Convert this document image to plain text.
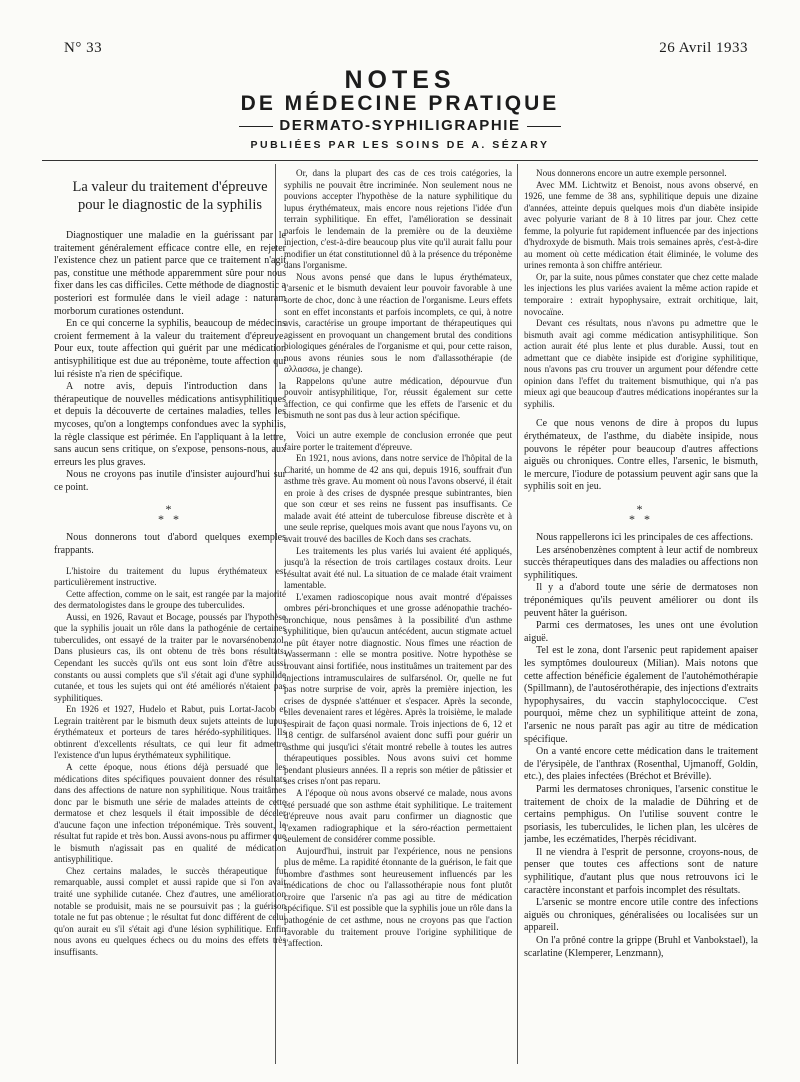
N° 33	26 Avril 1933
NOTES
DE MÉDECINE PRATIQUE
DERMATO-SYPHILIGRAPHIE
PUBLIÉES PAR LES SOINS DE A. SÉZARY
La valeur du traitement d'épreuve
pour le diagnostic de la syphilis

Diagnostiquer une maladie en la guérissant par le traitement généralement efficace contre elle, en rejeter l'existence chez un patient parce que ce traitement n'agit pas, constitue une méthode apparemment sûre pour nous fixer dans les cas difficiles. Cette méthode de diagnostic a posteriori est formulée dans le vieil adage : naturam morborum curationes ostendunt.

En ce qui concerne la syphilis, beaucoup de médecins croient fermement à la valeur du traitement d'épreuve. Pour eux, toute affection qui guérit par une médication antisyphilitique est due au tréponème, toute affection qui lui résiste n'a rien de spécifique.

A notre avis, depuis l'introduction dans la thérapeutique de nouvelles médications antisyphilitiques et depuis la découverte de certaines maladies, telles les mycoses, qu'on a longtemps confondues avec la syphilis, la règle classique est périmée. En l'appliquant à la lettre, sans aucun sens critique, on s'expose, pensons-nous, aux erreurs les plus graves.

Nous ne croyons pas inutile d'insister aujourd'hui sur ce point.

*
* *

Nous donnerons tout d'abord quelques exemples frappants.

L'histoire du traitement du lupus érythémateux est particulièrement instructive.

Cette affection, comme on le sait, est rangée par la majorité des dermatologistes dans le groupe des tuberculides.

Aussi, en 1926, Ravaut et Bocage, poussés par l'hypothèse que la syphilis jouait un rôle dans la pathogénie de certaines tuberculides, ont essayé de la traiter par le novarsénobenzol. Dans plusieurs cas, ils ont obtenu de très bons résultats. Cependant les succès qu'ils ont eus sont loin d'être aussi constants ou aussi complets que s'il s'était agi d'une syphilide cutanée, et tous les sujets qui ont été améliorés n'étaient pas syphilitiques.

En 1926 et 1927, Hudelo et Rabut, puis Lortat-Jacob et Legrain traitèrent par le bismuth deux sujets atteints de lupus érythémateux et porteurs de tares hérédo-syphilitiques. Ils obtinrent d'excellents résultats, ce qui leur fit admettre l'existence d'un lupus érythémateux syphilitique.

A cette époque, nous étions déjà persuadé que les médications dites spécifiques pouvaient donner des résultats dans des affections de nature non syphilitique. Nous traitâmes donc par le bismuth une série de malades atteints de cette dermatose et chez lesquels il était impossible de déceler d'aucune façon une infection tréponémique. Très souvent, le résultat fut rapide et très bon. Aussi avons-nous pu affirmer que le bismuth n'agissait pas en qualité de médication antisyphilitique.

Chez certains malades, le succès thérapeutique fut remarquable, aussi complet et aussi rapide que si l'on avait traité une syphilide cutanée. Chez d'autres, une amélioration notable se produisit, mais ne se poursuivit pas ; la guérison totale ne fut pas obtenue ; le résultat fut donc différent de celui qu'on aurait eu s'il s'était agi d'une lésion syphilitique. Enfin nous avons eu quelques échecs ou du moins des effets très insuffisants.

Or, dans la plupart des cas de ces trois catégories, la syphilis ne pouvait être incriminée. Non seulement nous ne pouvions accepter l'hypothèse de la nature syphilitique du lupus érythémateux, mais encore nous rejetions l'idée d'un terrain syphilitique. En effet, l'amélioration se dessinait parfois le lendemain de la première ou de la deuxième injection, c'est-à-dire beaucoup plus vite qu'il aurait fallu pour modifier un état constitutionnel dû à la présence du tréponème dans l'organisme.

Nous avons pensé que dans le lupus érythémateux, l'arsenic et le bismuth devaient leur pouvoir favorable à une sorte de choc, donc à une réaction de l'organisme. Leurs effets sont en effet inconstants et parfois incomplets, ce qui, à notre avis, caractérise un groupe important de thérapeutiques qui agissent en provoquant un changement brutal des conditions biologiques générales de l'organisme et qui, pour cette raison, nous avons réunies sous le nom d'allassothérapie (de αλλασσω, je change).

Rappelons qu'une autre médication, dépourvue d'un pouvoir antisyphilitique, l'or, réussit également sur cette affection, ce qui confirme que les effets de l'arsenic et du bismuth ne sont pas dus à leur action spécifique.

Voici un autre exemple de conclusion erronée que peut faire porter le traitement d'épreuve.

En 1921, nous avions, dans notre service de l'hôpital de la Charité, un homme de 42 ans qui, depuis 1916, souffrait d'un asthme très grave. Au moment où nous l'avons observé, il était en proie à des crises de dyspnée presque subintrantes, bien que son cœur et ses reins ne fussent pas insuffisants. Ce malade avait été atteint de tuberculose fibreuse discrète et à une seule reprise, quelques mois avant que nous l'ayons vu, on avait trouvé des bacilles de Koch dans ses crachats.

Les traitements les plus variés lui avaient été appliqués, jusqu'à la résection de trois cartilages costaux droits. Leur résultat avait été nul. La situation de ce malade était vraiment lamentable.

L'examen radioscopique nous avait montré d'épaisses ombres péri-bronchiques et une grosse adénopathie trachéo-bronchique, nous pensâmes à la possibilité d'un asthme syphilitique, bien qu'aucun antécédent, aucun stigmate actuel ne pût étayer notre diagnostic. Nous fîmes une réaction de Wassermann : elle se montra positive. Notre hypothèse se trouvant ainsi fortifiée, nous instituâmes un traitement par des injections intramusculaires de sulfarsénol. Or, quelle ne fut pas notre surprise de voir, après la première injection, les crises de dyspnée s'atténuer et s'espacer. Après la seconde, elles devenaient rares et légères. Après la troisième, le malade respirait de façon quasi normale. Trois injections de 6, 12 et 18 centigr. de sulfarsénol avaient donc suffi pour guérir un asthme qui jusqu'ici s'était montré rebelle à toutes les autres thérapeutiques possibles. Nous avons suivi cet homme pendant plusieurs années. Il a repris son métier de pâtissier et ses crises n'ont pas reparu.

A l'époque où nous avons observé ce malade, nous avons été persuadé que son asthme était syphilitique. Le traitement d'épreuve nous avait paru confirmer un diagnostic que l'examen radiographique et la séro-réaction permettaient seulement de considérer comme possible.

Aujourd'hui, instruit par l'expérience, nous ne pensions plus de même. La rapidité étonnante de la guérison, le fait que nombre d'asthmes sont heureusement influencés par les médications de choc ou l'allassothérapie nous font plutôt croire que l'arsenic n'a pas agi au titre de médication spécifique. S'il est possible que la syphilis joue un rôle dans la pathogénie de cet asthme, nous ne croyons pas que l'action favorable du traitement prouve l'origine syphilitique de l'affection.

Nous donnerons encore un autre exemple personnel.

Avec MM. Lichtwitz et Benoist, nous avons observé, en 1926, une femme de 38 ans, syphilitique depuis une dizaine d'années, atteinte depuis quelques mois d'un diabète insipide avec polyurie variant de 8 à 10 litres par jour. Chez cette femme, la polyurie fut rapidement influencée par des injections d'hydroxyde de bismuth. Mais trois semaines après, c'est-à-dire au moment où cette médication était éliminée, le volume des urines remonta à son chiffre antérieur.

Or, par la suite, nous pûmes constater que chez cette malade les injections les plus variées avaient la même action rapide et temporaire : extrait hypophysaire, extrait orchitique, lait, novocaïne.

Devant ces résultats, nous n'avons pu admettre que le bismuth avait agi comme médication antisyphilitique. Son action aurait été plus lente et plus durable. Aussi, tout en admettant que ce diabète insipide est d'origine syphilitique, nous n'avons pas cru trouver un argument pour défendre cette opinion dans l'effet du traitement bismuthique, qui n'a pas mieux agi que beaucoup d'autres médications inopérantes sur la syphilis.

Ce que nous venons de dire à propos du lupus érythémateux, de l'asthme, du diabète insipide, nous pouvons le répéter pour beaucoup d'autres affections aiguës ou chroniques. Contre elles, l'arsenic, le bismuth, le mercure, l'iodure de potassium peuvent agir sans que la syphilis soit en jeu.

*
* *

Nous rappellerons ici les principales de ces affections.

Les arsénobenzènes comptent à leur actif de nombreux succès thérapeutiques dans des maladies ou affections non syphilitiques.

Il y a d'abord toute une série de dermatoses non tréponémiques qu'ils peuvent améliorer ou dont ils peuvent hâter la guérison.

Parmi ces dermatoses, les unes ont une évolution aiguë.

Tel est le zona, dont l'arsenic peut rapidement apaiser les symptômes douloureux (Milian). Mais notons que cette affection bénéficie également de l'autohémothérapie (Spillmann), de l'autosérothérapie, des injections d'extraits hypophysaires, du vaccin staphylococcique. C'est pourquoi, même chez un syphilitique atteint de zona, l'arsenic ne nous paraît pas agir au titre de médication spécifique.

On a vanté encore cette médication dans le traitement de l'érysipèle, de l'anthrax (Rosenthal, Ujmanoff, Goldin, etc.), des plaies infectées (Bréchot et Bréville).

Parmi les dermatoses chroniques, l'arsenic constitue le traitement de choix de la maladie de Dühring et de certains pemphigus. On l'utilise souvent contre le psoriasis, les tuberculides, le lichen plan, les ulcères de jambe, les eczématides, l'herpès récidivant.

Il ne viendra à l'esprit de personne, croyons-nous, de penser que toutes ces affections sont de nature syphilitique, d'autant plus que nous retrouvons ici le caractère inconstant et parfois incomplet des résultats.

L'arsenic se montre encore utile contre des infections aiguës ou chroniques, généralisées ou localisées sur un appareil.

On l'a prôné contre la grippe (Bruhl et Vanbokstael), la scarlatine (Klemperer, Lenzmann),
